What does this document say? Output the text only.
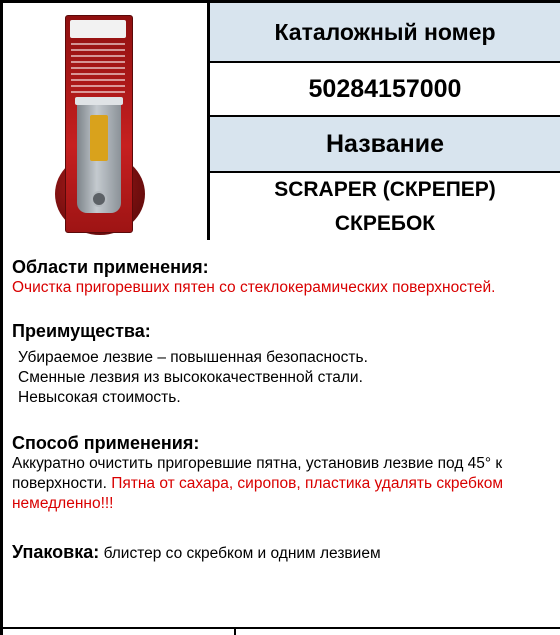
Каталожный номер
50284157000
Название
SCRAPER (СКРЕПЕР)
СКРЕБОК
Области применения:

Очистка пригоревших пятен со стеклокерамических поверхностей.

Преимущества:

Убираемое лезвие – повышенная безопасность.

Сменные лезвия из высококачественной стали.

Невысокая стоимость.

Способ применения:

Аккуратно очистить пригоревшие пятна, установив лезвие под 45° к поверхности. Пятна от сахара, сиропов, пластика удалять скребком немедленно!!!

Упаковка: блистер со скребком и одним лезвием
